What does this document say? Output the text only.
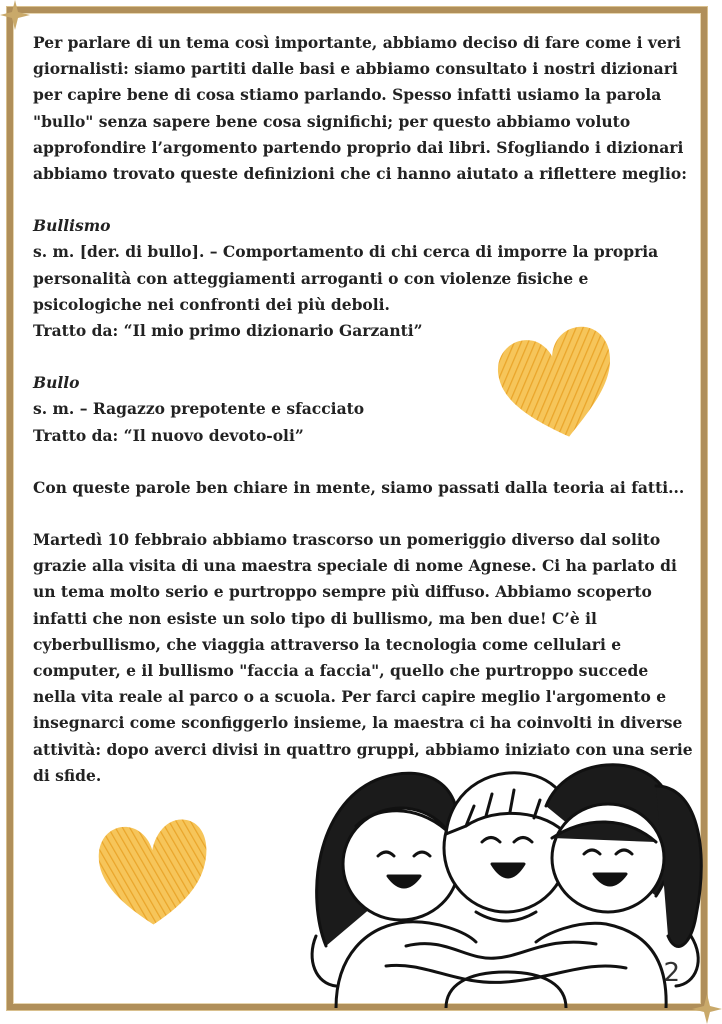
Per parlare di un tema così importante, abbiamo deciso di fare come i veri giornalisti: siamo partiti dalle basi e abbiamo consultato i nostri dizionari per capire bene di cosa stiamo parlando. Spesso infatti usiamo la parola "bullo" senza sapere bene cosa significhi; per questo abbiamo voluto approfondire l’argomento partendo proprio dai libri. Sfogliando i dizionari abbiamo trovato queste definizioni che ci hanno aiutato a riflettere meglio:

Bullismo

s. m. [der. di bullo]. – Comportamento di chi cerca di imporre la propria personalità con atteggiamenti arroganti o con violenze fisiche e psicologiche nei confronti dei più deboli.

Tratto da: “Il mio primo dizionario Garzanti”

Bullo

s. m. – Ragazzo prepotente e sfacciato

Tratto da: “Il nuovo devoto-oli”

Con queste parole ben chiare in mente, siamo passati dalla teoria ai fatti...

Martedì 10 febbraio abbiamo trascorso un pomeriggio diverso dal solito grazie alla visita di una maestra speciale di nome Agnese. Ci ha parlato di un tema molto serio e purtroppo sempre più diffuso. Abbiamo scoperto infatti che non esiste un solo tipo di bullismo, ma ben due! C’è il cyberbullismo, che viaggia attraverso la tecnologia come cellulari e computer, e il bullismo "faccia a faccia", quello che purtroppo succede nella vita reale al parco o a scuola. Per farci capire meglio l'argomento e insegnarci come sconfiggerlo insieme, la maestra ci ha coinvolti in diverse attività: dopo averci divisi in quattro gruppi, abbiamo iniziato con una serie di sfide.

2
